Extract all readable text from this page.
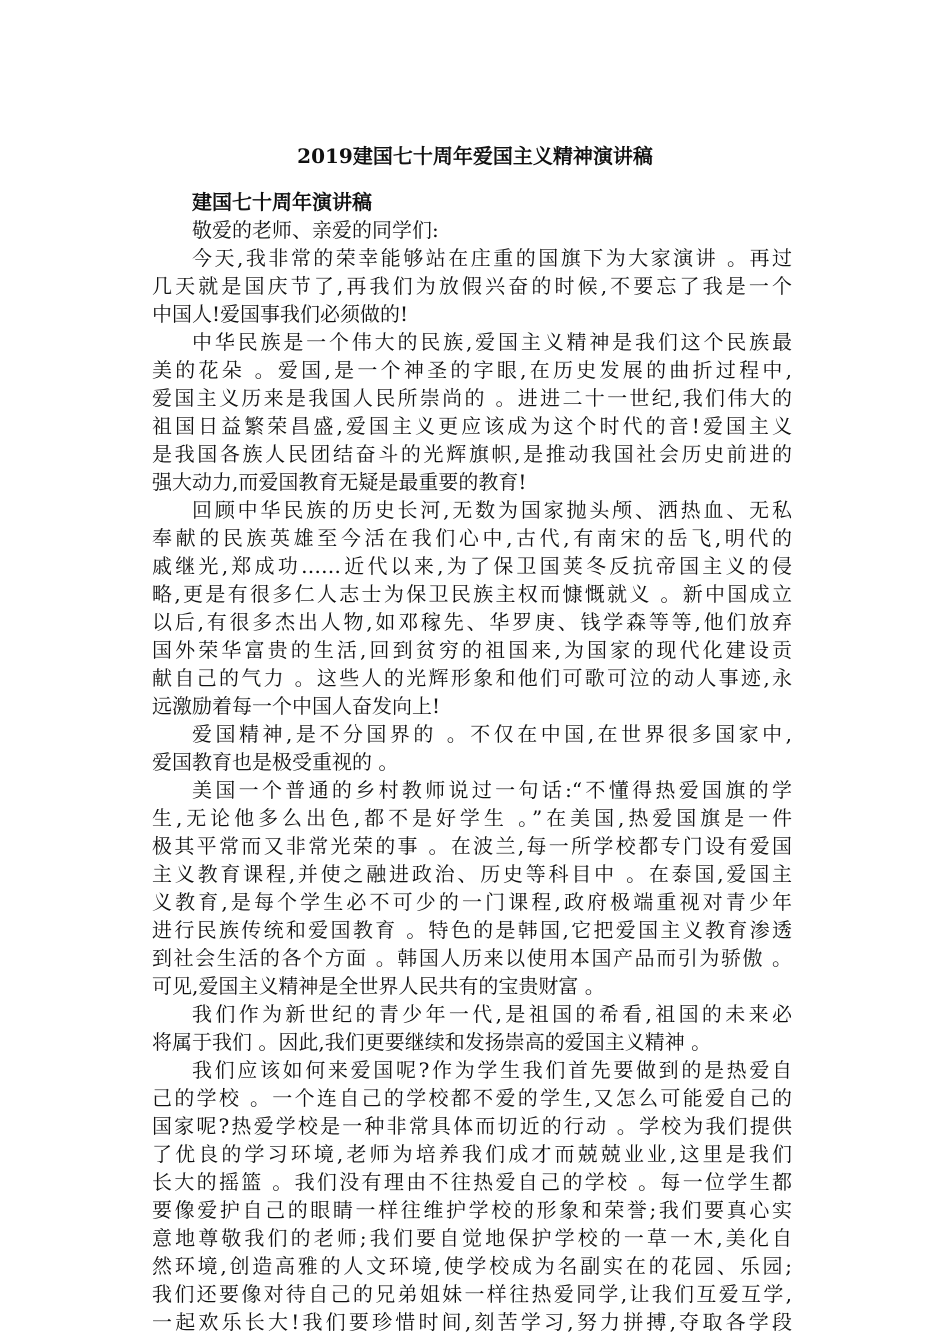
2019建国七十周年爱国主义精神演讲稿
建国七十周年演讲稿
敬爱的老师、亲爱的同学们:
今天,我非常的荣幸能够站在庄重的国旗下为大家演讲 。再过
几天就是国庆节了,再我们为放假兴奋的时候,不要忘了我是一个
中国人!爱国事我们必须做的!
中华民族是一个伟大的民族,爱国主义精神是我们这个民族最
美的花朵 。爱国,是一个神圣的字眼,在历史发展的曲折过程中,
爱国主义历来是我国人民所崇尚的 。进进二十一世纪,我们伟大的
祖国日益繁荣昌盛,爱国主义更应该成为这个时代的音!爱国主义
是我国各族人民团结奋斗的光辉旗帜,是推动我国社会历史前进的
强大动力,而爱国教育无疑是最重要的教育!
回顾中华民族的历史长河,无数为国家抛头颅、洒热血、无私
奉献的民族英雄至今活在我们心中,古代,有南宋的岳飞,明代的
戚继光,郑成功……近代以来,为了保卫国荚冬反抗帝国主义的侵
略,更是有很多仁人志士为保卫民族主权而慷慨就义 。新中国成立
以后,有很多杰出人物,如邓稼先、华罗庚、钱学森等等,他们放弃
国外荣华富贵的生活,回到贫穷的祖国来,为国家的现代化建设贡
献自己的气力 。这些人的光辉形象和他们可歌可泣的动人事迹,永
远激励着每一个中国人奋发向上!
爱国精神,是不分国界的 。不仅在中国,在世界很多国家中,
爱国教育也是极受重视的 。
美国一个普通的乡村教师说过一句话:“不懂得热爱国旗的学
生,无论他多么出色,都不是好学生 。”在美国,热爱国旗是一件
极其平常而又非常光荣的事 。在波兰,每一所学校都专门设有爱国
主义教育课程,并使之融进政治、历史等科目中 。在泰国,爱国主
义教育,是每个学生必不可少的一门课程,政府极端重视对青少年
进行民族传统和爱国教育 。特色的是韩国,它把爱国主义教育渗透
到社会生活的各个方面 。韩国人历来以使用本国产品而引为骄傲 。
可见,爱国主义精神是全世界人民共有的宝贵财富 。
我们作为新世纪的青少年一代,是祖国的希看,祖国的未来必
将属于我们 。因此,我们更要继续和发扬崇高的爱国主义精神 。
我们应该如何来爱国呢?作为学生我们首先要做到的是热爱自
己的学校 。一个连自己的学校都不爱的学生,又怎么可能爱自己的
国家呢?热爱学校是一种非常具体而切近的行动 。学校为我们提供
了优良的学习环境,老师为培养我们成才而兢兢业业,这里是我们
长大的摇篮 。我们没有理由不往热爱自己的学校 。每一位学生都
要像爱护自己的眼睛一样往维护学校的形象和荣誉;我们要真心实
意地尊敬我们的老师;我们要自觉地保护学校的一草一木,美化自
然环境,创造高雅的人文环境,使学校成为名副实在的花园、乐园;
我们还要像对待自己的兄弟姐妹一样往热爱同学,让我们互爱互学,
一起欢乐长大!我们要珍惜时间,刻苦学习,努力拼搏,夺取各学段
